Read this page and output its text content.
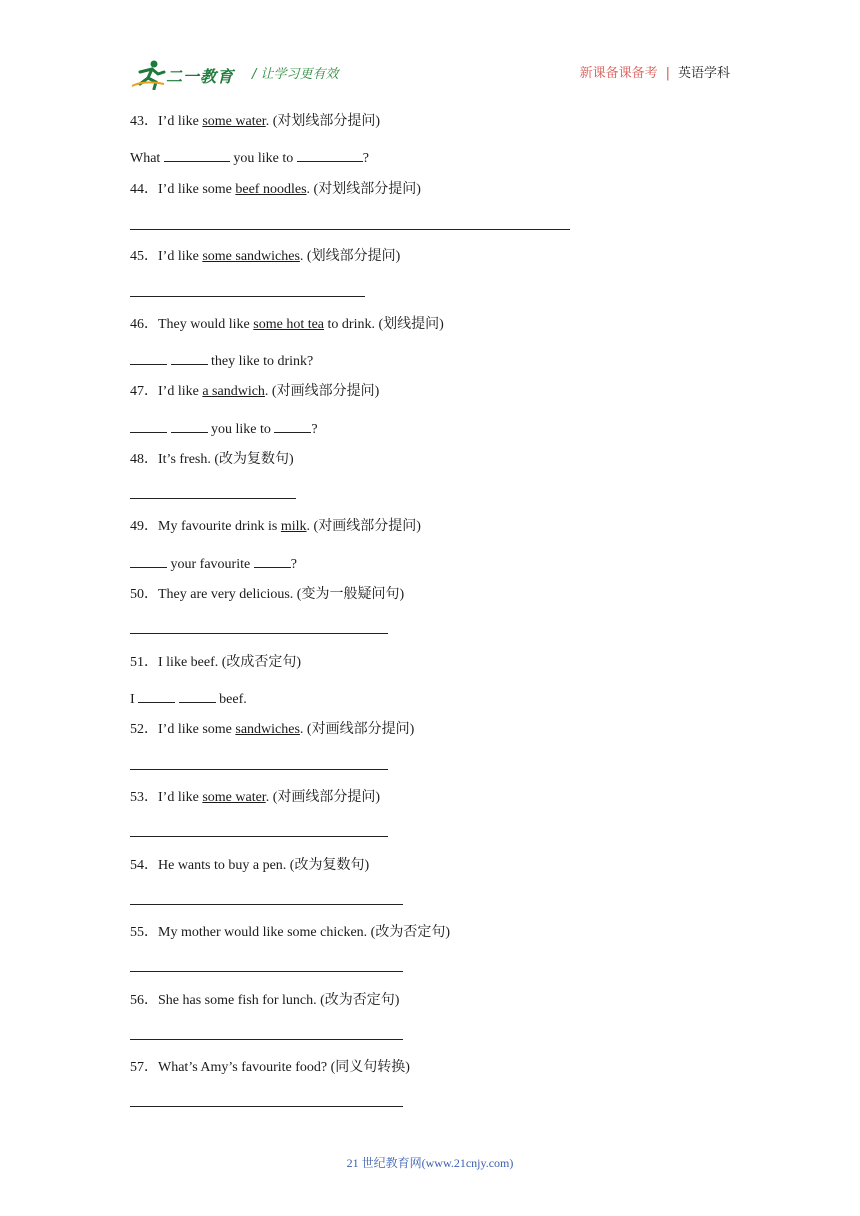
二一教育 / 让学习更有效	新课备课备考 | 英语学科
43．I’d like some water. (对划线部分提问)
What	you like to	?
44．I’d like some beef noodles. (对划线部分提问)
45．I’d like some sandwiches. (划线部分提问)
46．They would like some hot tea to drink. (划线提问)
they like to drink?
47．I’d like a sandwich. (对画线部分提问)
you like to	?
48．It’s fresh. (改为复数句)
49．My favourite drink is milk. (对画线部分提问)
your favourite	?
50．They are very delicious. (变为一般疑问句)
51．I like beef. (改成否定句)
I	beef.
52．I’d like some sandwiches. (对画线部分提问)
53．I’d like some water. (对画线部分提问)
54．He wants to buy a pen. (改为复数句)
55．My mother would like some chicken. (改为否定句)
56．She has some fish for lunch. (改为否定句)
57．What’s Amy’s favourite food? (同义句转换)
21 世纪教育网(www.21cnjy.com)
